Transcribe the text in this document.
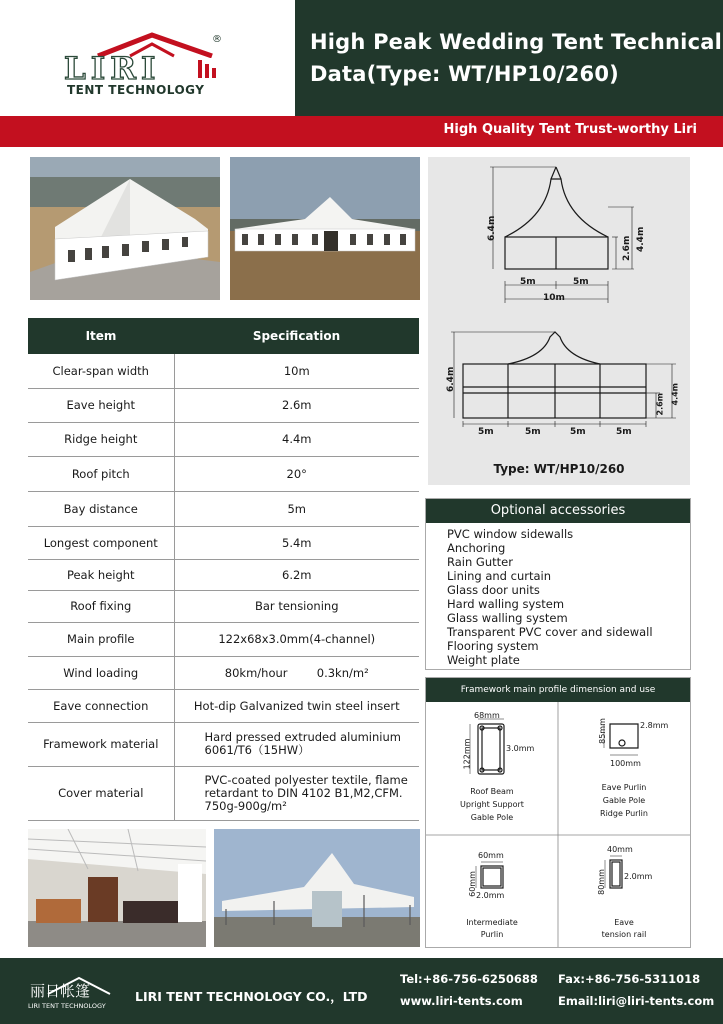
LIRI
®
TENT TECHNOLOGY
High Peak Wedding Tent Technical
Data(Type: WT/HP10/260)
High Quality Tent Trust-worthy Liri
Item	Specification
Clear-span width	10m
Eave height	2.6m
Ridge height	4.4m
Roof pitch	20°
Bay distance	5m
Longest component	5.4m
Peak height	6.2m
Roof fixing	Bar tensioning
Main profile	122x68x3.0mm(4-channel)
Wind loading	80km/hour        0.3kn/m²
Eave connection	Hot-dip Galvanized twin steel insert
Framework material	Hard pressed extruded aluminium 6061/T6（15HW）
Cover material	PVC-coated polyester textile, flame retardant to DIN 4102 B1,M2,CFM. 750g-900g/m²
6.4m
2.6m 4.4m
5m	5m
10m
6.4m
2.6m 4.4m
5m	5m	5m	5m
Type: WT/HP10/260
Optional accessories
PVC window sidewalls
Anchoring
Rain Gutter
Lining and curtain
Glass door units
Hard walling system
Glass walling system
Transparent PVC cover and sidewall
Flooring system
Weight plate
Framework main profile dimension and use
68mm
122mm	3.0mm
Roof Beam
Upright Support
Gable Pole
85mm	2.8mm
100mm
Eave Purlin
Gable Pole
Ridge Purlin
60mm
60mm 2.0mm
Intermediate
Purlin
40mm
80mm 2.0mm
Eave
tension rail
丽日帐篷
LIRI TENT TECHNOLOGY
LIRI TENT TECHNOLOGY CO.，LTD
Tel:+86-756-6250688 Fax:+86-756-5311018
www.liri-tents.com	Email:liri@liri-tents.com
